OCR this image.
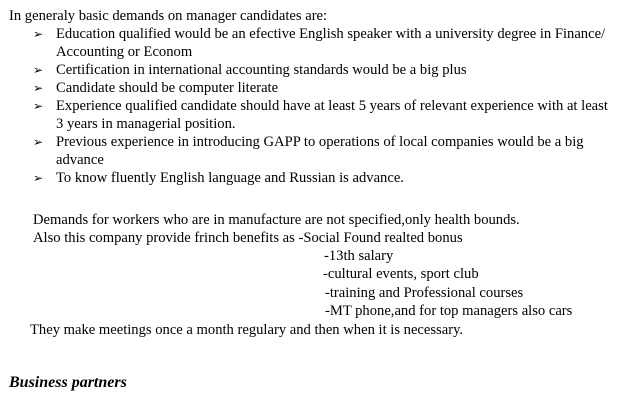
In generaly basic demands on manager candidates are:
➢ Education qualified would be an efective English speaker with a university degree in Finance/ Accounting or Econom
➢ Certification in international accounting standards would be a big plus
➢ Candidate should be computer literate
➢ Experience qualified candidate should have at least 5 years of relevant experience with at least 3 years in managerial position.
➢ Previous experience in introducing GAPP to operations of local companies would be a big advance
➢ To know fluently English language and Russian is advance.
Demands for workers who are in manufacture are not specified,only health bounds.
Also this company provide frinch benefits as -Social Found realted bonus
-13th salary
-cultural events, sport club
-training and Professional courses
-MT phone,and for top managers also cars
They make meetings once a month regulary and then when it is necessary.
Business partners
